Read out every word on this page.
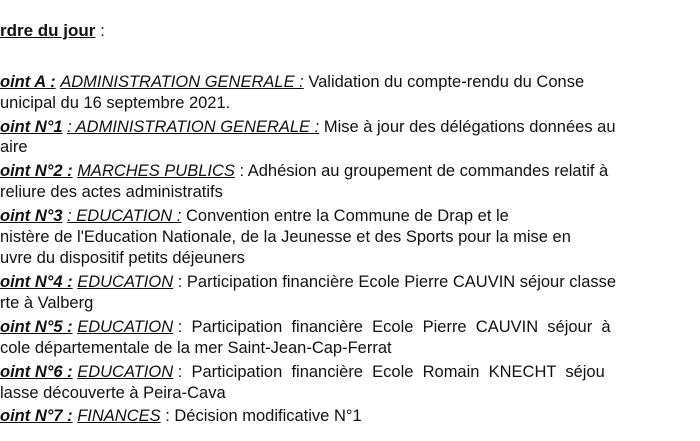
rdre du jour :
oint A : ADMINISTRATION GENERALE : Validation du compte-rendu du Conse
unicipal du 16 septembre 2021.
oint N°1 : ADMINISTRATION GENERALE : Mise à jour des délégations données au
aire
oint N°2 : MARCHES PUBLICS : Adhésion au groupement de commandes relatif à
reliure des actes administratifs
oint N°3 : EDUCATION : Convention entre la Commune de Drap et le
nistère de l'Education Nationale, de la Jeunesse et des Sports pour la mise en
uvre du dispositif petits déjeuners
oint N°4 : EDUCATION : Participation financière Ecole Pierre CAUVIN séjour classe
rte à Valberg
oint N°5 : EDUCATION :  Participation  financière  Ecole  Pierre  CAUVIN  séjour  à
cole départementale de la mer Saint-Jean-Cap-Ferrat
oint N°6 : EDUCATION :  Participation  financière  Ecole  Romain  KNECHT  séjou
lasse découverte à Peira-Cava
oint N°7 : FINANCES : Décision modificative N°1
